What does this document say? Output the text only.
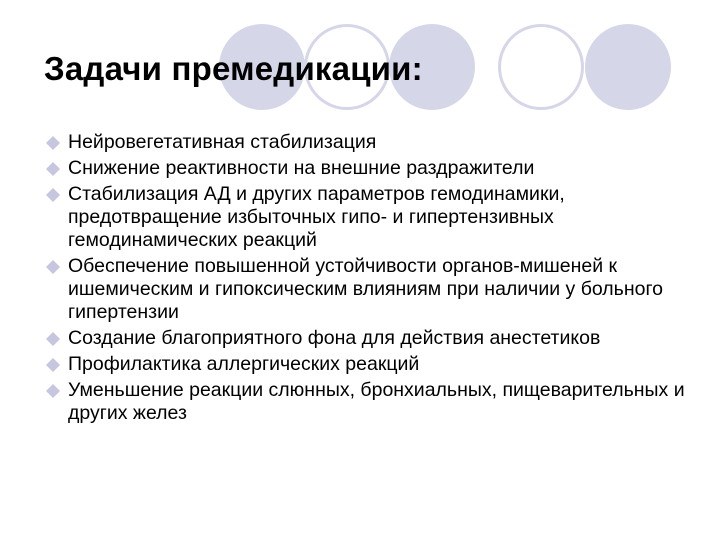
Задачи премедикации:
Нейровегетативная стабилизация
Снижение реактивности на внешние раздражители
Стабилизация АД и других параметров гемодинамики, предотвращение избыточных гипо- и гипертензивных гемодинамических реакций
Обеспечение повышенной устойчивости органов-мишеней к ишемическим и гипоксическим влияниям при наличии у больного гипертензии
Создание благоприятного фона для действия анестетиков
Профилактика аллергических реакций
Уменьшение реакции слюнных, бронхиальных, пищеварительных и других желез
